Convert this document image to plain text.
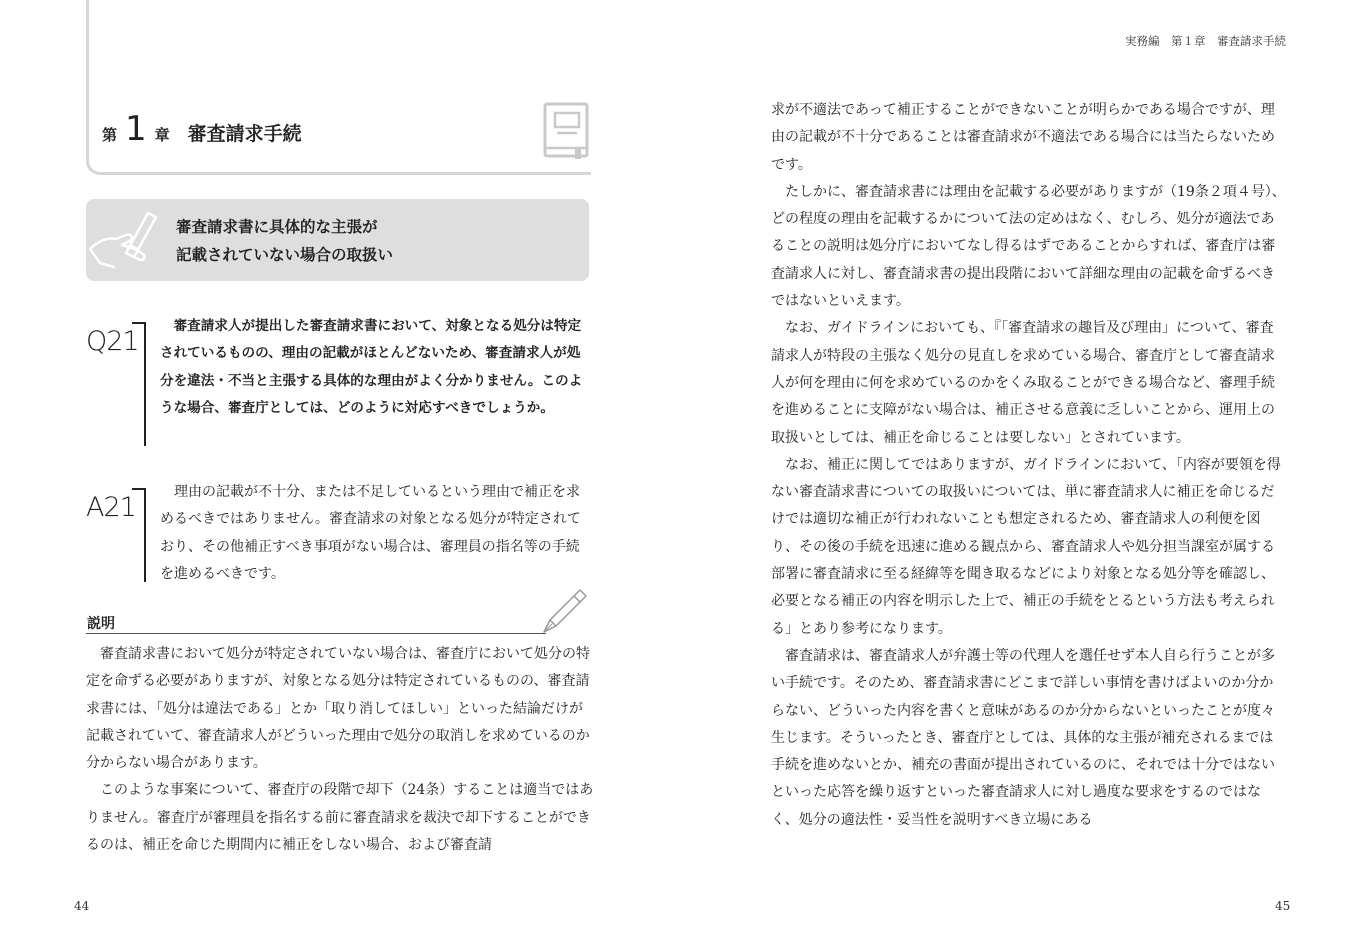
第 1 章 審査請求手続
審査請求書に具体的な主張が
記載されていない場合の取扱い
Q21	審査請求人が提出した審査請求書において、対象となる処分は特定されているものの、理由の記載がほとんどないため、審査請求人が処分を違法・不当と主張する具体的な理由がよく分かりません。このような場合、審査庁としては、どのように対応すべきでしょうか。

A21	理由の記載が不十分、または不足しているという理由で補正を求めるべきではありません。審査請求の対象となる処分が特定されており、その他補正すべき事項がない場合は、審理員の指名等の手続を進めるべきです。

説明

審査請求書において処分が特定されていない場合は、審査庁において処分の特定を命ずる必要がありますが、対象となる処分は特定されているものの、審査請求書には、「処分は違法である」とか「取り消してほしい」といった結論だけが記載されていて、審査請求人がどういった理由で処分の取消しを求めているのか分からない場合があります。

このような事案について、審査庁の段階で却下（24条）することは適当ではありません。審査庁が審理員を指名する前に審査請求を裁決で却下することができるのは、補正を命じた期間内に補正をしない場合、および審査請

44
実務編　第１章　審査請求手続

求が不適法であって補正することができないことが明らかである場合ですが、理由の記載が不十分であることは審査請求が不適法である場合には当たらないためです。

たしかに、審査請求書には理由を記載する必要がありますが（19条２項４号）、どの程度の理由を記載するかについて法の定めはなく、むしろ、処分が適法であることの説明は処分庁においてなし得るはずであることからすれば、審査庁は審査請求人に対し、審査請求書の提出段階において詳細な理由の記載を命ずるべきではないといえます。

なお、ガイドラインにおいても、『「審査請求の趣旨及び理由」について、審査請求人が特段の主張なく処分の見直しを求めている場合、審査庁として審査請求人が何を理由に何を求めているのかをくみ取ることができる場合など、審理手続を進めることに支障がない場合は、補正させる意義に乏しいことから、運用上の取扱いとしては、補正を命じることは要しない」とされています。

なお、補正に関してではありますが、ガイドラインにおいて、「内容が要領を得ない審査請求書についての取扱いについては、単に審査請求人に補正を命じるだけでは適切な補正が行われないことも想定されるため、審査請求人の利便を図り、その後の手続を迅速に進める観点から、審査請求人や処分担当課室が属する部署に審査請求に至る経緯等を聞き取るなどにより対象となる処分等を確認し、必要となる補正の内容を明示した上で、補正の手続をとるという方法も考えられる」とあり参考になります。

審査請求は、審査請求人が弁護士等の代理人を選任せず本人自ら行うことが多い手続です。そのため、審査請求書にどこまで詳しい事情を書けばよいのか分からない、どういった内容を書くと意味があるのか分からないといったことが度々生じます。そういったとき、審査庁としては、具体的な主張が補充されるまでは手続を進めないとか、補充の書面が提出されているのに、それでは十分ではないといった応答を繰り返すといった審査請求人に対し過度な要求をするのではなく、処分の適法性・妥当性を説明すべき立場にある

45
